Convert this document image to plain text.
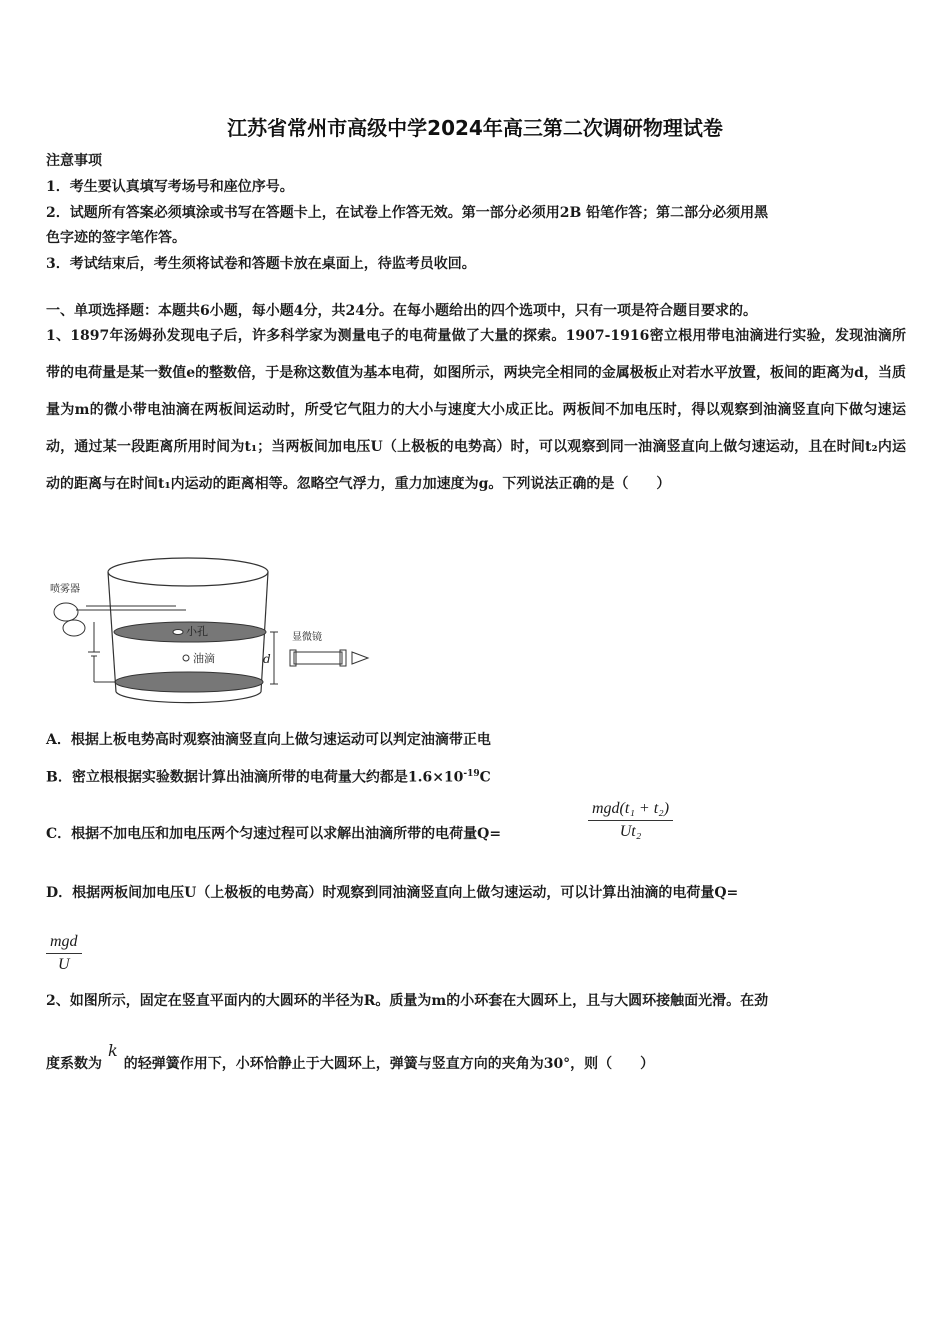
江苏省常州市高级中学2024年高三第二次调研物理试卷
注意事项
1．考生要认真填写考场号和座位序号。
2．试题所有答案必须填涂或书写在答题卡上，在试卷上作答无效。第一部分必须用2B 铅笔作答；第二部分必须用黑
色字迹的签字笔作答。
3．考试结束后，考生须将试卷和答题卡放在桌面上，待监考员收回。
一、单项选择题：本题共6小题，每小题4分，共24分。在每小题给出的四个选项中，只有一项是符合题目要求的。
1、1897年汤姆孙发现电子后，许多科学家为测量电子的电荷量做了大量的探索。1907-1916密立根用带电油滴进行实验，发现油滴所带的电荷量是某一数值e的整数倍，于是称这数值为基本电荷，如图所示，两块完全相同的金属极板止对若水平放置，板间的距离为d，当质量为m的微小带电油滴在两板间运动时，所受它气阻力的大小与速度大小成正比。两板间不加电压时，得以观察到油滴竖直向下做匀速运动，通过某一段距离所用时间为t₁；当两板间加电压U（上极板的电势高）时，可以观察到同一油滴竖直向上做匀速运动，且在时间t₂内运动的距离与在时间t₁内运动的距离相等。忽略空气浮力，重力加速度为g。下列说法正确的是（　　）
小孔
油滴
喷雾器
d
显微镜
A．根据上板电势高时观察油滴竖直向上做匀速运动可以判定油滴带正电
B．密立根根据实验数据计算出油滴所带的电荷量大约都是$1.6\times 10^{-19}C$
C．根据不加电压和加电压两个匀速过程可以求解出油滴所带的电荷量Q=
mgd(t₁ + t₂)
Ut₂
D．根据两板间加电压U（上极板的电势高）时观察到同油滴竖直向上做匀速运动，可以计算出油滴的电荷量Q=
mgd
U
2、如图所示，固定在竖直平面内的大圆环的半径为R。质量为m的小环套在大圆环上，且与大圆环接触面光滑。在劲
度系数为k的轻弹簧作用下，小环恰静止于大圆环上，弹簧与竖直方向的夹角为30°，则（　　）
